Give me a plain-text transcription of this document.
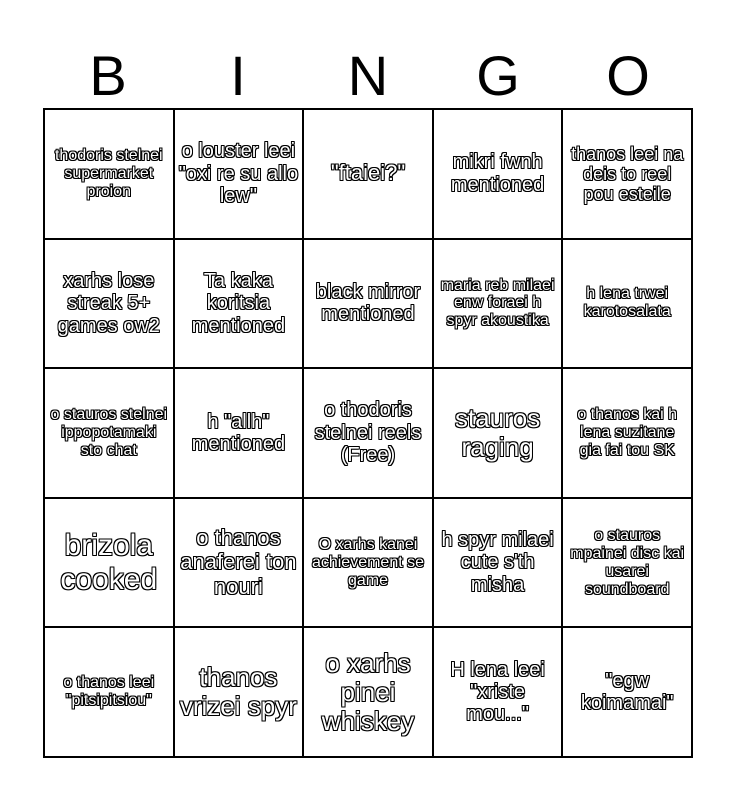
B	I	N	G	O
thodoris stelnei supermarket proion
o louster leei "oxi re su allo lew"
"ftaiei?"	mikri fwnh mentioned
thanos leei na deis to reel pou esteile
xarhs lose streak 5+ games ow2
Ta kaka koritsia mentioned
black mirror mentioned
maria reb milaei enw foraei h spyr akoustika
h lena trwei karotosalata
o stauros stelnei ippopotamaki sto chat
h "allh" mentioned
o thodoris stelnei reels (Free)
stauros raging
o thanos kai h lena suzitane gia fai tou SK
brizola cooked
o thanos anaferei ton nouri
O xarhs kanei achievement se game
h spyr milaei cute s'th misha
o stauros mpainei disc kai usarei soundboard
o thanos leei "pitsipitsiou"
thanos vrizei spyr
o xarhs pinei whiskey
H lena leei "xriste mou..."
"egw koimamai"
